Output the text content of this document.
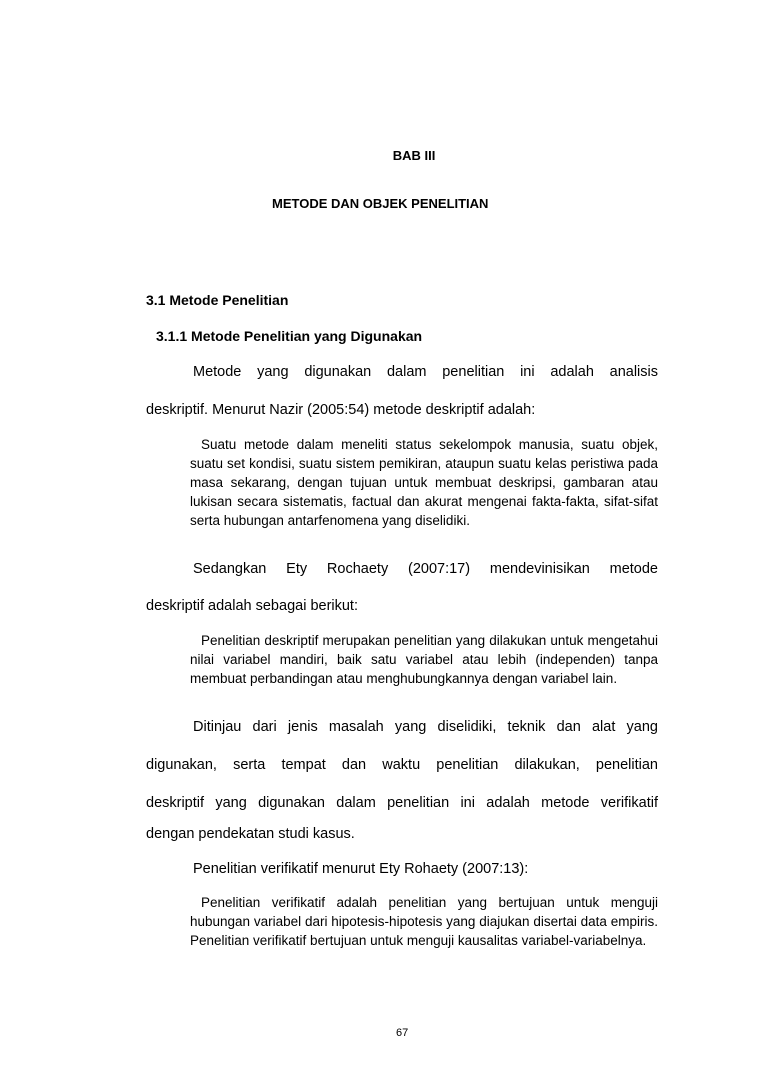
BAB III
METODE DAN OBJEK PENELITIAN
3.1 Metode Penelitian
3.1.1 Metode Penelitian yang Digunakan
Metode yang digunakan dalam penelitian ini adalah analisis
deskriptif. Menurut Nazir (2005:54) metode deskriptif adalah:
Suatu metode dalam meneliti status sekelompok manusia, suatu objek, suatu set kondisi, suatu sistem pemikiran, ataupun suatu kelas peristiwa pada masa sekarang, dengan tujuan untuk membuat deskripsi, gambaran atau lukisan secara sistematis, factual dan akurat mengenai fakta-fakta, sifat-sifat serta hubungan antarfenomena yang diselidiki.
Sedangkan Ety Rochaety (2007:17) mendevinisikan metode
deskriptif adalah sebagai berikut:
Penelitian deskriptif merupakan penelitian yang dilakukan untuk mengetahui nilai variabel mandiri, baik satu variabel atau lebih (independen) tanpa membuat perbandingan atau menghubungkannya dengan variabel lain.
Ditinjau dari jenis masalah yang diselidiki, teknik dan alat yang
digunakan, serta tempat dan waktu penelitian dilakukan, penelitian
deskriptif yang digunakan dalam penelitian ini adalah metode verifikatif
dengan pendekatan studi kasus.
Penelitian verifikatif menurut Ety Rohaety (2007:13):
Penelitian verifikatif adalah penelitian yang bertujuan untuk menguji hubungan variabel dari hipotesis-hipotesis yang diajukan disertai data empiris. Penelitian verifikatif bertujuan untuk menguji kausalitas variabel-variabelnya.
67
